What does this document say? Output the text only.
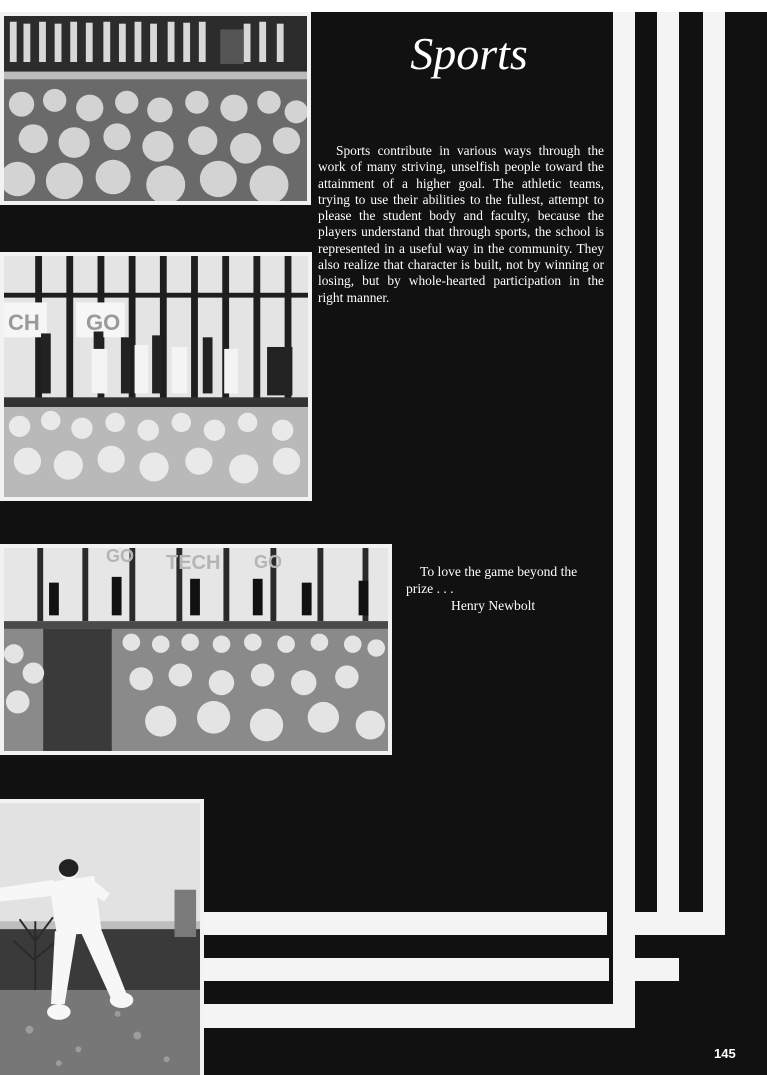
CH GO
GO TECH GO
Sports

Sports contribute in various ways through the work of many striving, unselfish people toward the attainment of a higher goal. The athletic teams, trying to use their abilities to the fullest, attempt to please the student body and faculty, because the players understand that through sports, the school is represented in a useful way in the community. They also realize that character is built, not by winning or losing, but by whole-hearted participation in the right manner.

To love the game beyond the prize . . .
Henry Newbolt

145
